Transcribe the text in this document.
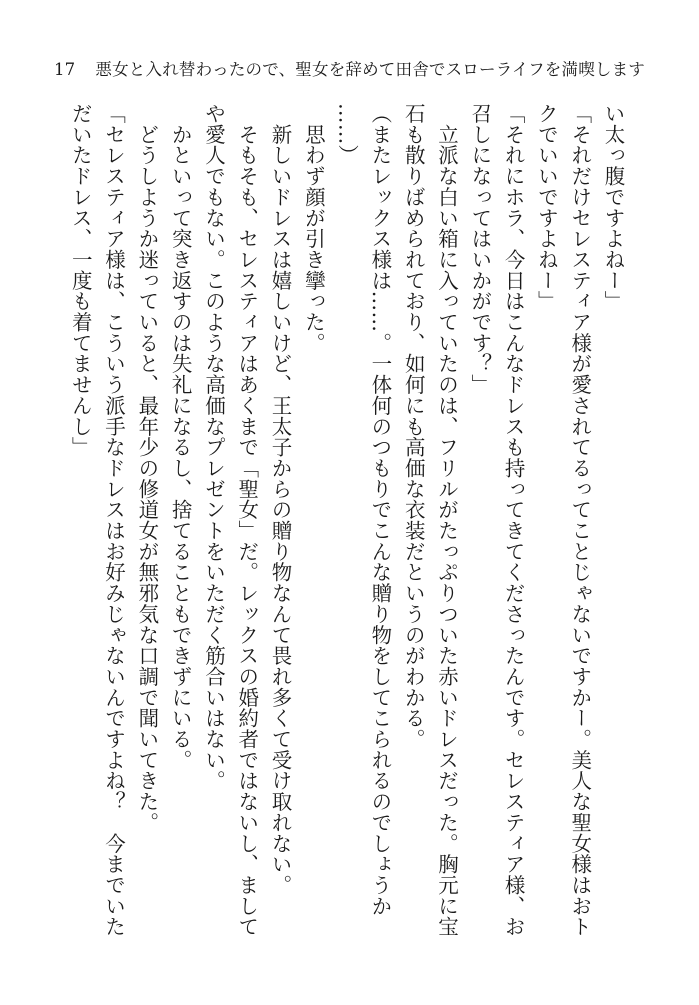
17 悪女と入れ替わったので、聖女を辞めて田舎でスローライフを満喫します
い太っ腹ですよねー」
「それだけセレスティア様が愛されてるってことじゃないですかー。美人な聖女様はおト
クでいいですよねー」
「それにホラ、今日はこんなドレスも持ってきてくださったんです。セレスティア様、お
召しになってはいかがです？」
　立派な白い箱に入っていたのは、フリルがたっぷりついた赤いドレスだった。胸元に宝
石も散りばめられており、如何にも高価な衣装だというのがわかる。
（またレックス様は……。一体何のつもりでこんな贈り物をしてこられるのでしょうか
……）
　思わず顔が引き攣った。
　新しいドレスは嬉しいけど、王太子からの贈り物なんて畏れ多くて受け取れない。
　そもそも、セレスティアはあくまで「聖女」だ。レックスの婚約者ではないし、まして
や愛人でもない。このような高価なプレゼントをいただく筋合いはない。
　かといって突き返すのは失礼になるし、捨てることもできずにいる。
　どうしようか迷っていると、最年少の修道女が無邪気な口調で聞いてきた。
「セレスティア様は、こういう派手なドレスはお好みじゃないんですよね？　今までいた
だいたドレス、一度も着てませんし」
